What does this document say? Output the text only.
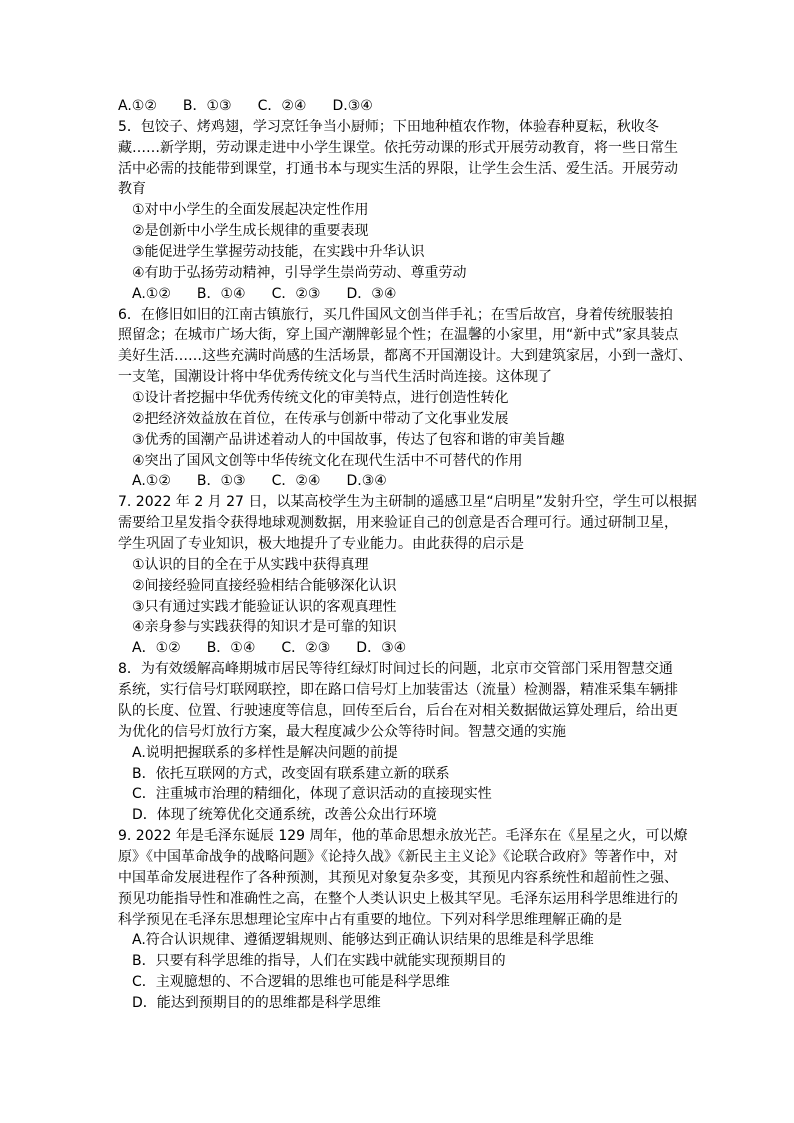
A.①② B．①③ C．②④ D.③④
5．包饺子、烤鸡翅，学习烹饪争当小厨师；下田地种植农作物，体验春种夏耘，秋收冬
藏……新学期，劳动课走进中小学生课堂。依托劳动课的形式开展劳动教育，将一些日常生
活中必需的技能带到课堂，打通书本与现实生活的界限，让学生会生活、爱生活。开展劳动
教育
①对中小学生的全面发展起决定性作用
②是创新中小学生成长规律的重要表现
③能促进学生掌握劳动技能，在实践中升华认识
④有助于弘扬劳动精神，引导学生崇尚劳动、尊重劳动
A.①② B．①④ C．②③ D．③④
6．在修旧如旧的江南古镇旅行，买几件国风文创当伴手礼；在雪后故宫，身着传统服装拍
照留念；在城市广场大街，穿上国产潮牌彰显个性；在温馨的小家里，用“新中式”家具装点
美好生活……这些充满时尚感的生活场景，都离不开国潮设计。大到建筑家居，小到一盏灯、
一支笔，国潮设计将中华优秀传统文化与当代生活时尚连接。这体现了
①设计者挖掘中华优秀传统文化的审美特点，进行创造性转化
②把经济效益放在首位，在传承与创新中带动了文化事业发展
③优秀的国潮产品讲述着动人的中国故事，传达了包容和谐的审美旨趣
④突出了国风文创等中华传统文化在现代生活中不可替代的作用
A.①② B．①③ C．②④ D.③④
7. 2022 年 2 月 27 日，以某高校学生为主研制的遥感卫星“启明星”发射升空，学生可以根据
需要给卫星发指令获得地球观测数据，用来验证自己的创意是否合理可行。通过研制卫星，
学生巩固了专业知识，极大地提升了专业能力。由此获得的启示是
①认识的目的全在于从实践中获得真理
②间接经验同直接经验相结合能够深化认识
③只有通过实践才能验证认识的客观真理性
④亲身参与实践获得的知识才是可靠的知识
A．①② B．①④ C．②③ D．③④
8．为有效缓解高峰期城市居民等待红绿灯时间过长的问题，北京市交管部门采用智慧交通
系统，实行信号灯联网联控，即在路口信号灯上加装雷达（流量）检测器，精准采集车辆排
队的长度、位置、行驶速度等信息，回传至后台，后台在对相关数据做运算处理后，给出更
为优化的信号灯放行方案，最大程度减少公众等待时间。智慧交通的实施
A.说明把握联系的多样性是解决问题的前提
B．依托互联网的方式，改变固有联系建立新的联系
C．注重城市治理的精细化，体现了意识活动的直接现实性
D．体现了统筹优化交通系统，改善公众出行环境
9. 2022 年是毛泽东诞辰 129 周年，他的革命思想永放光芒。毛泽东在《星星之火，可以燎
原》《中国革命战争的战略问题》《论持久战》《新民主主义论》《论联合政府》等著作中，对
中国革命发展进程作了各种预测，其预见对象复杂多变，其预见内容系统性和超前性之强、
预见功能指导性和准确性之高，在整个人类认识史上极其罕见。毛泽东运用科学思维进行的
科学预见在毛泽东思想理论宝库中占有重要的地位。下列对科学思维理解正确的是
A.符合认识规律、遵循逻辑规则、能够达到正确认识结果的思维是科学思维
B．只要有科学思维的指导，人们在实践中就能实现预期目的
C．主观臆想的、不合逻辑的思维也可能是科学思维
D．能达到预期目的的思维都是科学思维
